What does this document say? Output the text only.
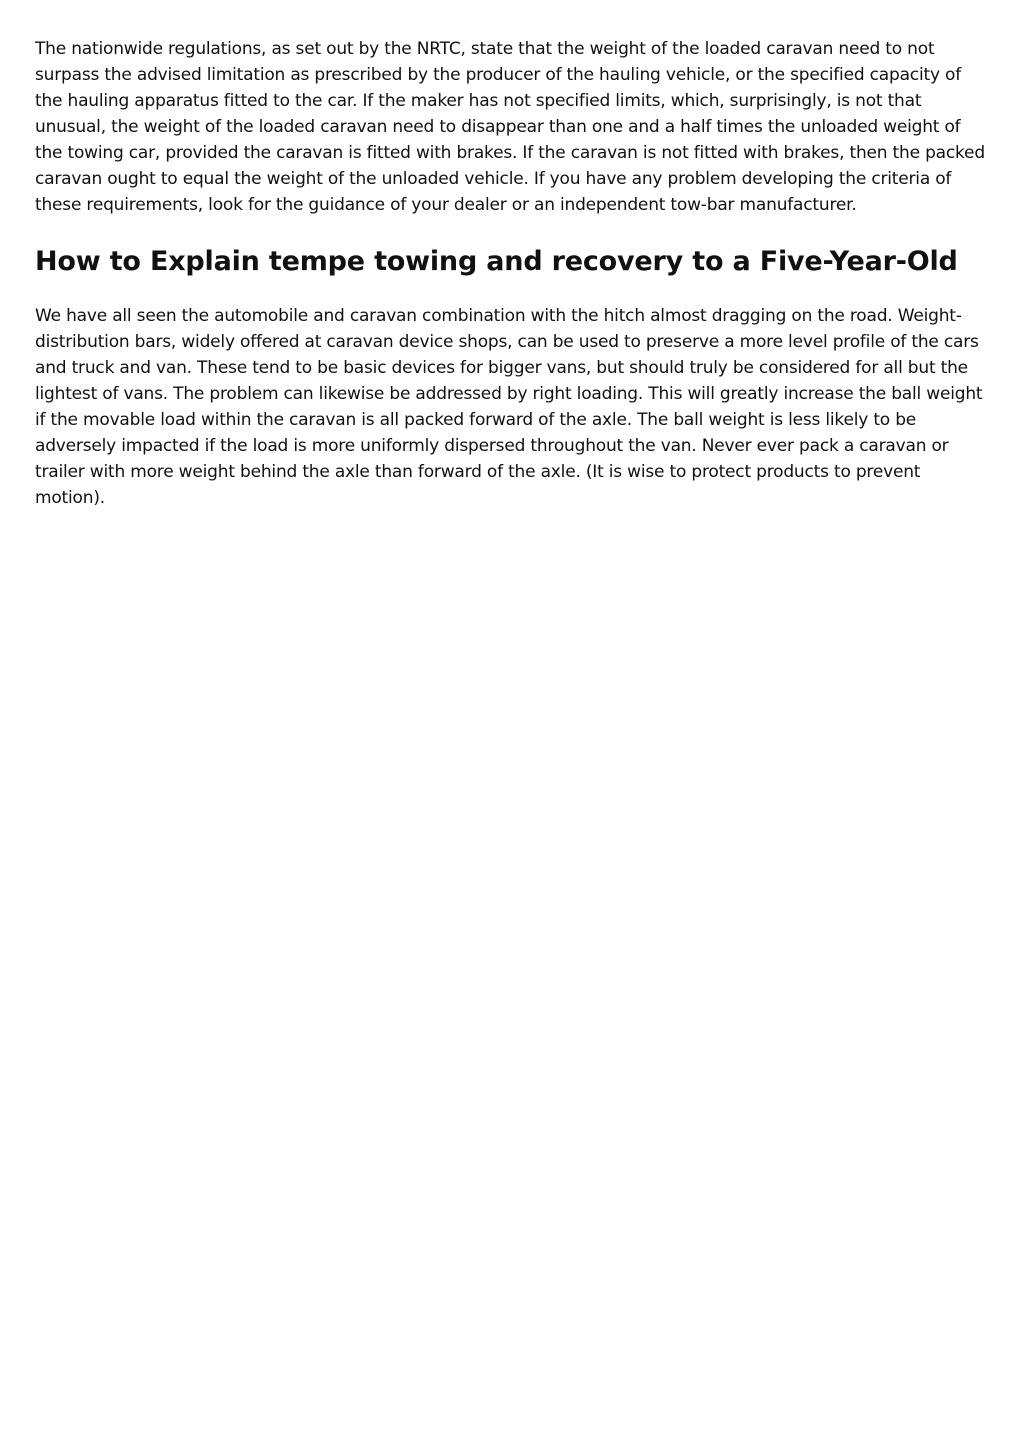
The nationwide regulations, as set out by the NRTC, state that the weight of the loaded caravan need to not surpass the advised limitation as prescribed by the producer of the hauling vehicle, or the specified capacity of the hauling apparatus fitted to the car. If the maker has not specified limits, which, surprisingly, is not that unusual, the weight of the loaded caravan need to disappear than one and a half times the unloaded weight of the towing car, provided the caravan is fitted with brakes. If the caravan is not fitted with brakes, then the packed caravan ought to equal the weight of the unloaded vehicle. If you have any problem developing the criteria of these requirements, look for the guidance of your dealer or an independent tow-bar manufacturer.

How to Explain tempe towing and recovery to a Five-Year-Old

We have all seen the automobile and caravan combination with the hitch almost dragging on the road. Weight-distribution bars, widely offered at caravan device shops, can be used to preserve a more level profile of the cars and truck and van. These tend to be basic devices for bigger vans, but should truly be considered for all but the lightest of vans. The problem can likewise be addressed by right loading. This will greatly increase the ball weight if the movable load within the caravan is all packed forward of the axle. The ball weight is less likely to be adversely impacted if the load is more uniformly dispersed throughout the van. Never ever pack a caravan or trailer with more weight behind the axle than forward of the axle. (It is wise to protect products to prevent motion).
